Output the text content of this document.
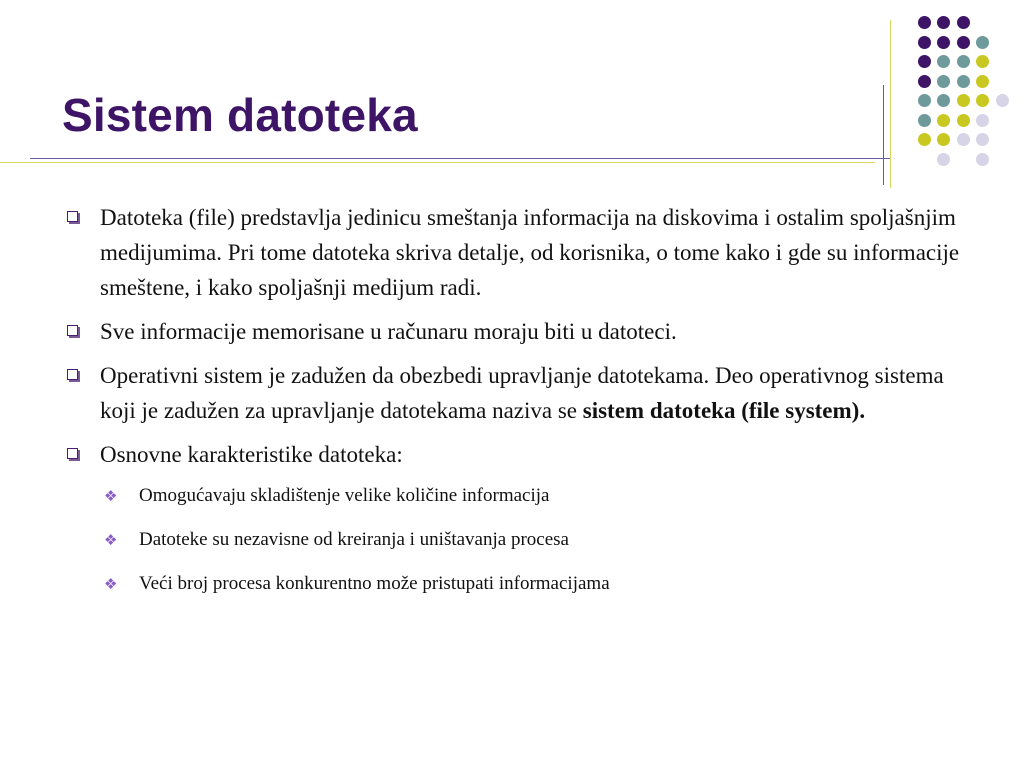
Sistem datoteka
Datoteka (file) predstavlja jedinicu smeštanja informacija na diskovima i ostalim spoljašnjim medijumima. Pri tome datoteka skriva detalje, od korisnika, o tome kako i gde su informacije smeštene, i kako spoljašnji medijum radi.
Sve informacije memorisane u računaru moraju biti u datoteci.
Operativni sistem je zadužen da obezbedi upravljanje datotekama. Deo operativnog sistema koji je zadužen za upravljanje datotekama naziva se sistem datoteka (file system).
Osnovne karakteristike datoteka:
❖ Omogućavaju skladištenje velike količine informacija
❖ Datoteke su nezavisne od kreiranja i uništavanja procesa
❖ Veći broj procesa konkurentno može pristupati informacijama
